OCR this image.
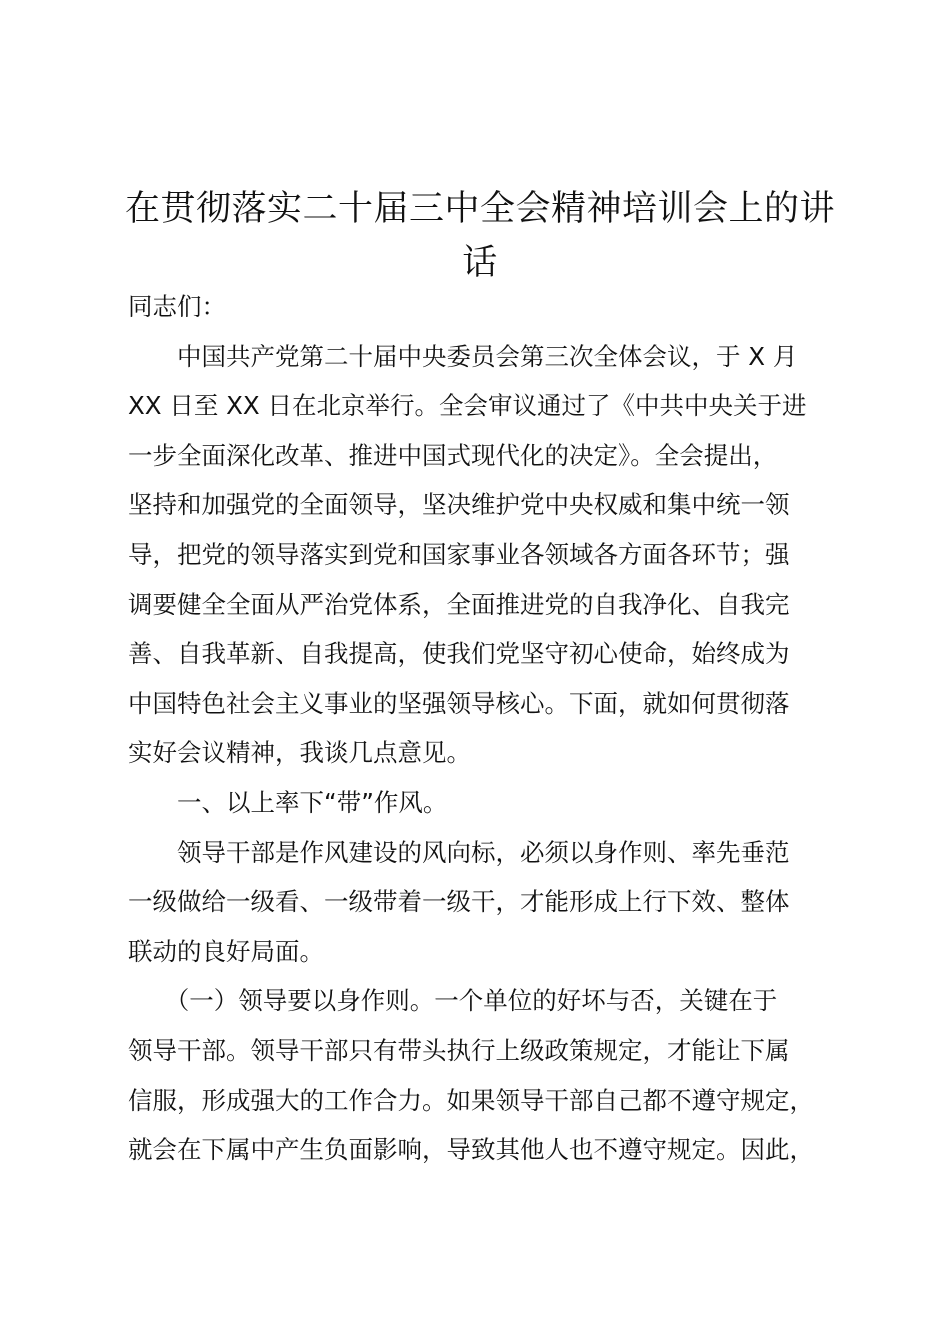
在贯彻落实二十届三中全会精神培训会上的讲
话

同志们：

　　中国共产党第二十届中央委员会第三次全体会议，于 X 月
XX 日至 XX 日在北京举行。全会审议通过了《中共中央关于进
一步全面深化改革、推进中国式现代化的决定》。全会提出，
坚持和加强党的全面领导，坚决维护党中央权威和集中统一领
导，把党的领导落实到党和国家事业各领域各方面各环节；强
调要健全全面从严治党体系，全面推进党的自我净化、自我完
善、自我革新、自我提高，使我们党坚守初心使命，始终成为
中国特色社会主义事业的坚强领导核心。下面，就如何贯彻落
实好会议精神，我谈几点意见。

　　一、以上率下“带”作风。

　　领导干部是作风建设的风向标，必须以身作则、率先垂范
一级做给一级看、一级带着一级干，才能形成上行下效、整体
联动的良好局面。

　　（一）领导要以身作则。一个单位的好坏与否，关键在于
领导干部。领导干部只有带头执行上级政策规定，才能让下属
信服，形成强大的工作合力。如果领导干部自己都不遵守规定，
就会在下属中产生负面影响，导致其他人也不遵守规定。因此，
